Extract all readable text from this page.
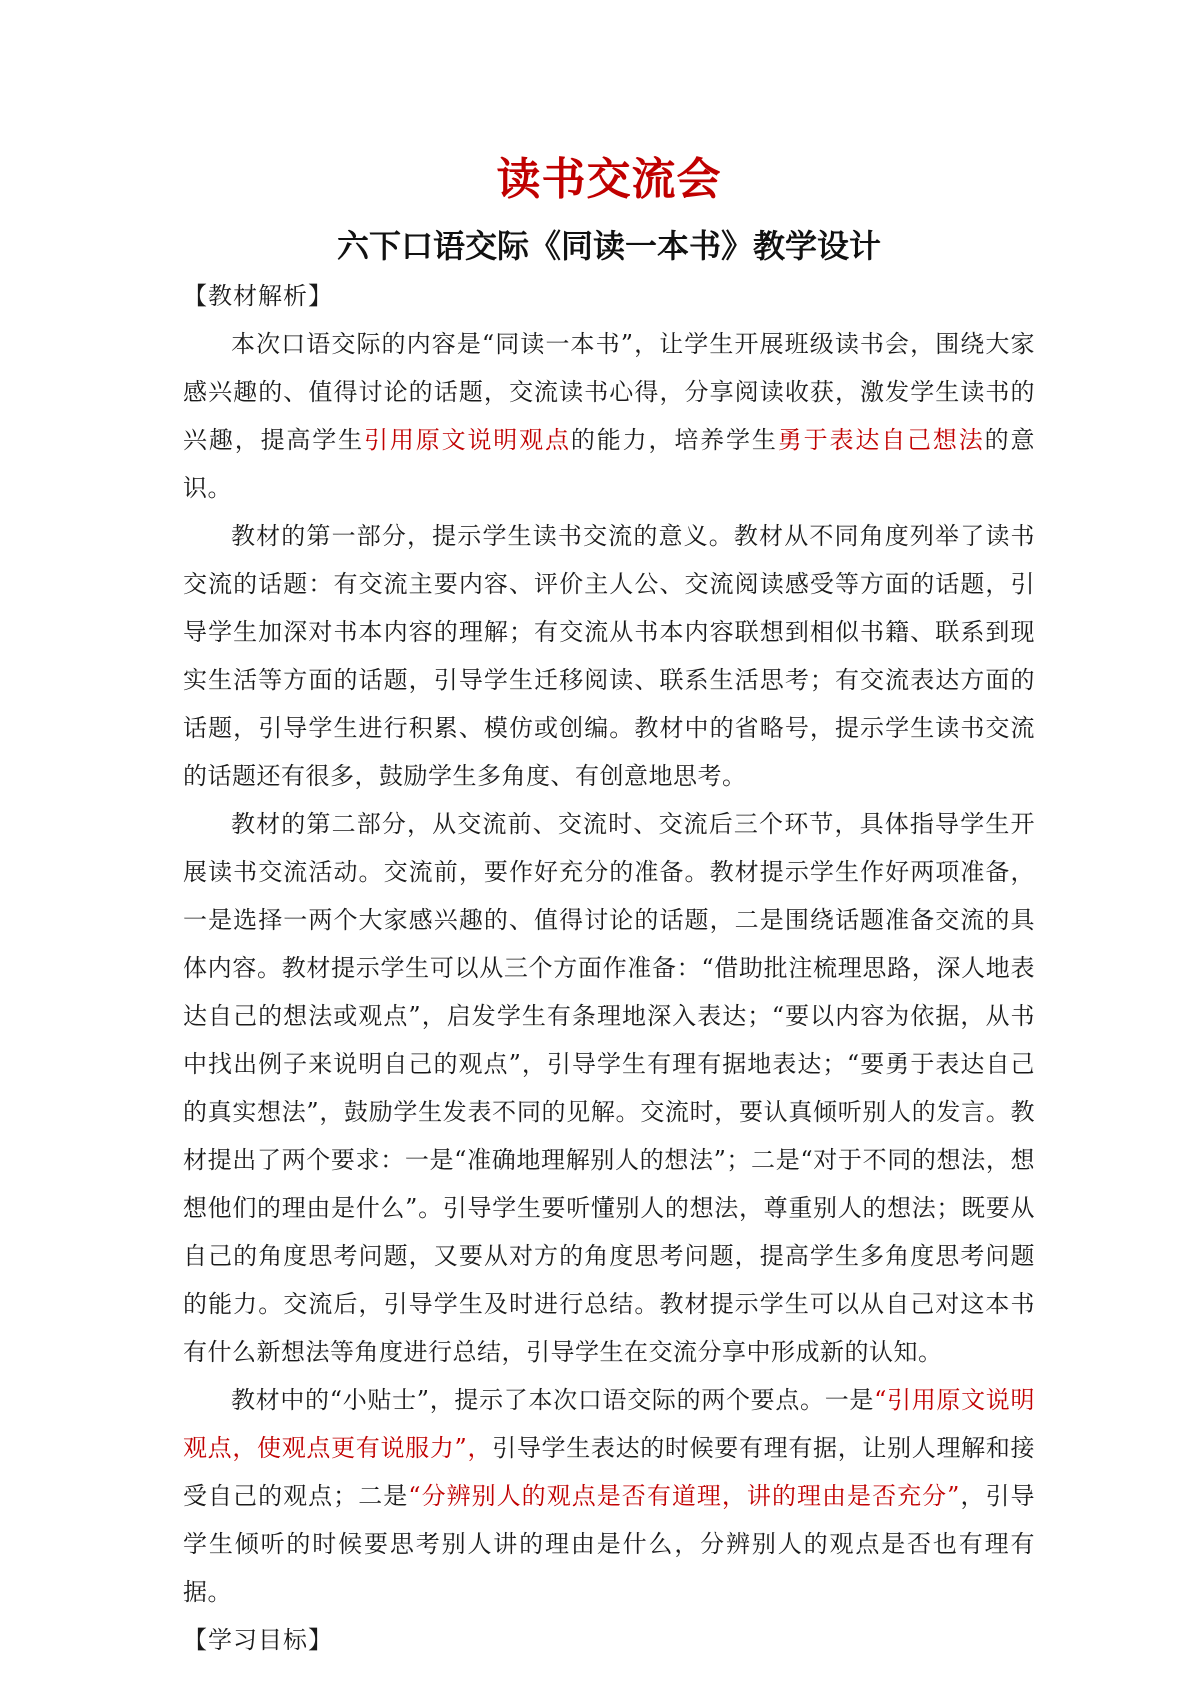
读书交流会
六下口语交际《同读一本书》教学设计

【教材解析】

本次口语交际的内容是“同读一本书”，让学生开展班级读书会，围绕大家感兴趣的、值得讨论的话题，交流读书心得，分享阅读收获，激发学生读书的兴趣，提高学生引用原文说明观点的能力，培养学生勇于表达自己想法的意识。

教材的第一部分，提示学生读书交流的意义。教材从不同角度列举了读书交流的话题：有交流主要内容、评价主人公、交流阅读感受等方面的话题，引导学生加深对书本内容的理解；有交流从书本内容联想到相似书籍、联系到现实生活等方面的话题，引导学生迁移阅读、联系生活思考；有交流表达方面的话题，引导学生进行积累、模仿或创编。教材中的省略号，提示学生读书交流的话题还有很多，鼓励学生多角度、有创意地思考。

教材的第二部分，从交流前、交流时、交流后三个环节，具体指导学生开展读书交流活动。交流前，要作好充分的准备。教材提示学生作好两项准备，一是选择一两个大家感兴趣的、值得讨论的话题，二是围绕话题准备交流的具体内容。教材提示学生可以从三个方面作准备：“借助批注梳理思路，深人地表达自己的想法或观点”，启发学生有条理地深入表达；“要以内容为依据，从书中找出例子来说明自己的观点”，引导学生有理有据地表达；“要勇于表达自己的真实想法”，鼓励学生发表不同的见解。交流时，要认真倾听别人的发言。教材提出了两个要求：一是“准确地理解别人的想法”；二是“对于不同的想法，想想他们的理由是什么”。引导学生要听懂别人的想法，尊重别人的想法；既要从自己的角度思考问题，又要从对方的角度思考问题，提高学生多角度思考问题的能力。交流后，引导学生及时进行总结。教材提示学生可以从自己对这本书有什么新想法等角度进行总结，引导学生在交流分享中形成新的认知。

教材中的“小贴士”，提示了本次口语交际的两个要点。一是“引用原文说明观点，使观点更有说服力”，引导学生表达的时候要有理有据，让别人理解和接受自己的观点；二是“分辨别人的观点是否有道理，讲的理由是否充分”，引导学生倾听的时候要思考别人讲的理由是什么，分辨别人的观点是否也有理有据。

【学习目标】
